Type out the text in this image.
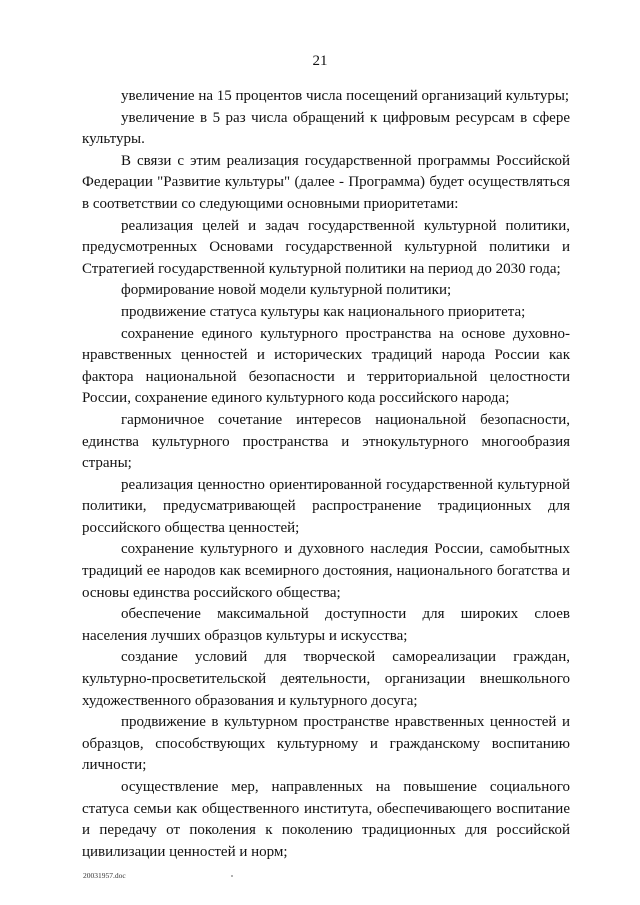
21

увеличение на 15 процентов числа посещений организаций культуры;

увеличение в 5 раз числа обращений к цифровым ресурсам в сфере культуры.

В связи с этим реализация государственной программы Российской Федерации "Развитие культуры" (далее - Программа) будет осуществляться в соответствии со следующими основными приоритетами:

реализация целей и задач государственной культурной политики, предусмотренных Основами государственной культурной политики и Стратегией государственной культурной политики на период до 2030 года;

формирование новой модели культурной политики;

продвижение статуса культуры как национального приоритета;

сохранение единого культурного пространства на основе духовно-нравственных ценностей и исторических традиций народа России как фактора национальной безопасности и территориальной целостности России, сохранение единого культурного кода российского народа;

гармоничное сочетание интересов национальной безопасности, единства культурного пространства и этнокультурного многообразия страны;

реализация ценностно ориентированной государственной культурной политики, предусматривающей распространение традиционных для российского общества ценностей;

сохранение культурного и духовного наследия России, самобытных традиций ее народов как всемирного достояния, национального богатства и основы единства российского общества;

обеспечение максимальной доступности для широких слоев населения лучших образцов культуры и искусства;

создание условий для творческой самореализации граждан, культурно-просветительской деятельности, организации внешкольного художественного образования и культурного досуга;

продвижение в культурном пространстве нравственных ценностей и образцов, способствующих культурному и гражданскому воспитанию личности;

осуществление мер, направленных на повышение социального статуса семьи как общественного института, обеспечивающего воспитание и передачу от поколения к поколению традиционных для российской цивилизации ценностей и норм;

20031957.doc
